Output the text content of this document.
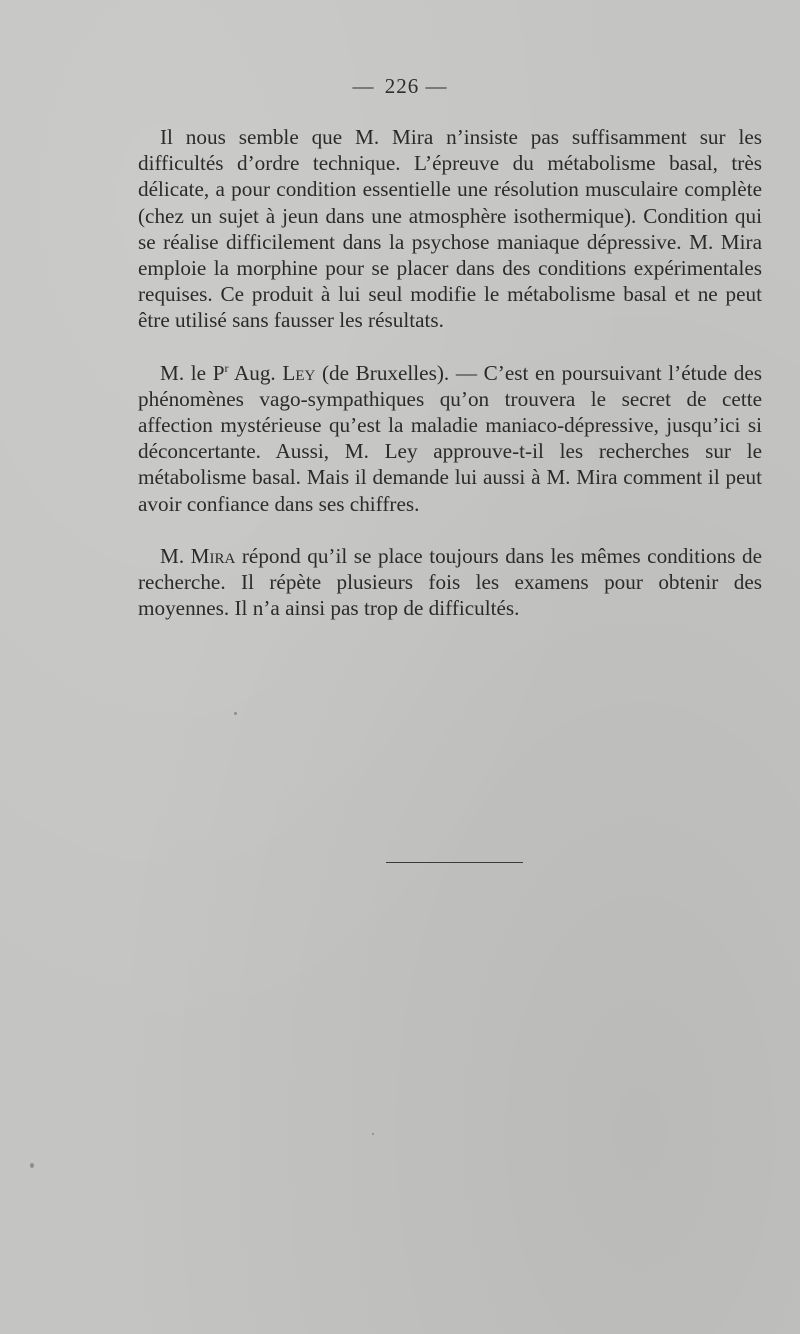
— 226 —

Il nous semble que M. Mira n’insiste pas suffisamment sur les difficultés d’ordre technique. L’épreuve du métabolisme basal, très délicate, a pour condition essentielle une résolution musculaire complète (chez un sujet à jeun dans une atmosphère isothermique). Condition qui se réalise difficilement dans la psychose maniaque dépressive. M. Mira emploie la morphine pour se placer dans des conditions expérimentales requises. Ce produit à lui seul modifie le métabolisme basal et ne peut être utilisé sans fausser les résultats.

M. le $P^r$ Aug. Ley (de Bruxelles). — C’est en poursuivant l’étude des phénomènes vago-sympathiques qu’on trouvera le secret de cette affection mystérieuse qu’est la maladie maniaco-dépressive, jusqu’ici si déconcertante. Aussi, M. Ley approuve-t-il les recherches sur le métabolisme basal. Mais il demande lui aussi à M. Mira comment il peut avoir confiance dans ses chiffres.

M. Mira répond qu’il se place toujours dans les mêmes conditions de recherche. Il répète plusieurs fois les examens pour obtenir des moyennes. Il n’a ainsi pas trop de difficultés.
